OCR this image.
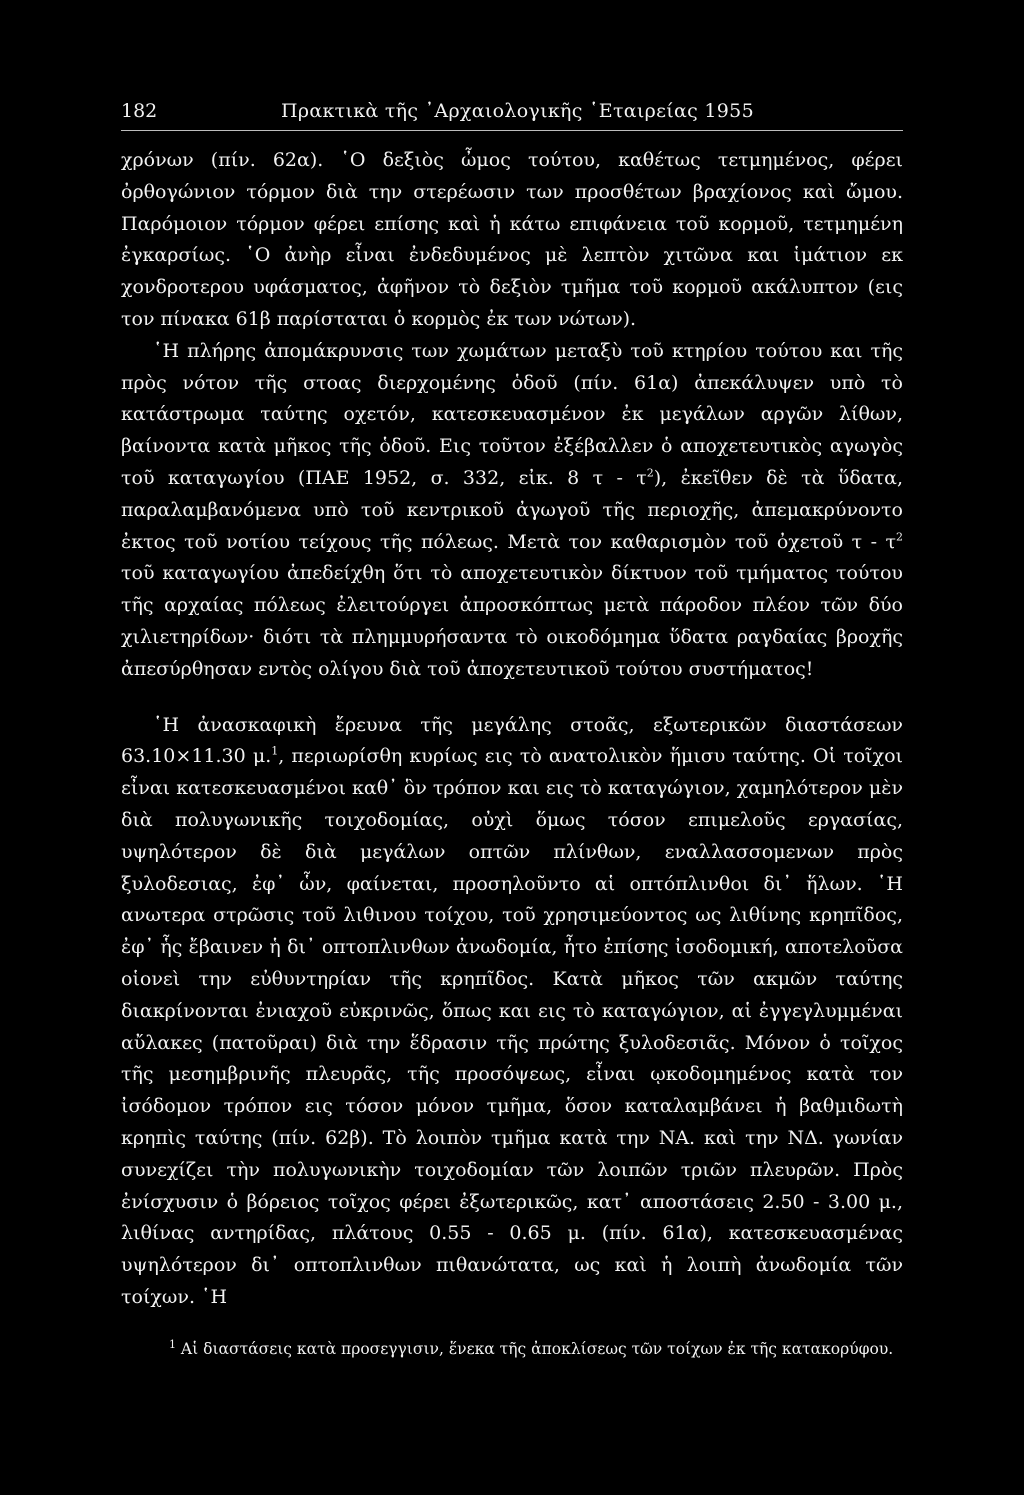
182	Πρακτικὰ τῆς ᾿Αρχαιολογικῆς ῾Εταιρείας 1955

χρόνων (πίν. 62α). ῾Ο δεξιὸς ὦμος τούτου, καθέτως τετμημένος, φέρει ὀρθογώνιον τόρμον διὰ την στερέωσιν των προσθέτων βραχίονος καὶ ὤμου. Παρόμοιον τόρμον φέρει επίσης καὶ ἡ κάτω επιφάνεια τοῦ κορμοῦ, τετμημένη ἐγκαρσίως. ῾Ο ἀνὴρ εἶναι ἐνδεδυμένος μὲ λεπτὸν χιτῶνα και ἱμάτιον εκ χονδροτερου υφάσματος, ἀφῆνον τὸ δεξιὸν τμῆμα τοῦ κορμοῦ ακάλυπτον (εις τον πίνακα 61β παρίσταται ὁ κορμὸς ἐκ των νώτων).

῾Η πλήρης ἀπομάκρυνσις των χωμάτων μεταξὺ τοῦ κτηρίου τούτου και τῆς πρὸς νότον τῆς στοας διερχομένης ὁδοῦ (πίν. 61α) ἀπεκάλυψεν υπὸ τὸ κατάστρωμα ταύτης οχετόν, κατεσκευασμένον ἐκ μεγάλων αργῶν λίθων, βαίνοντα κατὰ μῆκος τῆς ὁδοῦ. Εις τοῦτον ἐξέβαλλεν ὁ αποχετευτικὸς αγωγὸς τοῦ καταγωγίου (ΠΑΕ 1952, σ. 332, εἰκ. 8 τ - $\tau^2$), ἐκεῖθεν δὲ τὰ ὕδατα, παραλαμβανόμενα υπὸ τοῦ κεντρικοῦ ἀγωγοῦ τῆς περιοχῆς, ἀπεμακρύνοντο ἐκτος τοῦ νοτίου τείχους τῆς πόλεως. Μετὰ τον καθαρισμὸν τοῦ ὀχετοῦ τ - $\tau^2$ τοῦ καταγωγίου ἀπεδείχθη ὅτι τὸ αποχετευτικὸν δίκτυον τοῦ τμήματος τούτου τῆς αρχαίας πόλεως ἐλειτούργει ἀπροσκόπτως μετὰ πάροδον πλέον τῶν δύο χιλιετηρίδων· διότι τὰ πλημμυρήσαντα τὸ οικοδόμημα ὕδατα ραγδαίας βροχῆς ἀπεσύρθησαν εντὸς ολίγου διὰ τοῦ ἀποχετευτικοῦ τούτου συστήματος!

῾Η ἀνασκαφικὴ ἔρευνα τῆς μεγάλης στοᾶς, εξωτερικῶν διαστάσεων 63.10×11.30 μ.$^1$, περιωρίσθη κυρίως εις τὸ ανατολικὸν ἥμισυ ταύτης. Οἱ τοῖχοι εἶναι κατεσκευασμένοι καθ᾿ ὃν τρόπον και εις τὸ καταγώγιον, χαμηλότερον μὲν διὰ πολυγωνικῆς τοιχοδομίας, οὐχὶ ὅμως τόσον επιμελοῦς εργασίας, υψηλότερον δὲ διὰ μεγάλων οπτῶν πλίνθων, εναλλασσομενων πρὸς ξυλοδεσιας, ἐφ᾿ ὧν, φαίνεται, προσηλοῦντο αἱ οπτόπλινθοι δι᾿ ἥλων. ῾Η ανωτερα στρῶσις τοῦ λιθινου τοίχου, τοῦ χρησιμεύοντος ως λιθίνης κρηπῖδος, ἐφ᾿ ἧς ἔβαινεν ἡ δι᾿ οπτοπλινθων ἀνωδομία, ἦτο ἐπίσης ἰσοδομική, αποτελοῦσα οἱονεὶ την εὐθυντηρίαν τῆς κρηπῖδος. Κατὰ μῆκος τῶν ακμῶν ταύτης διακρίνονται ἐνιαχοῦ εὐκρινῶς, ὅπως και εις τὸ καταγώγιον, αἱ ἐγγεγλυμμέναι αὔλακες (πατοῦραι) διὰ την ἕδρασιν τῆς πρώτης ξυλοδεσιᾶς. Μόνον ὁ τοῖχος τῆς μεσημβρινῆς πλευρᾶς, τῆς προσόψεως, εἶναι ῳκοδομημένος κατὰ τον ἰσόδομον τρόπον εις τόσον μόνον τμῆμα, ὅσον καταλαμβάνει ἡ βαθμιδωτὴ κρηπὶς ταύτης (πίν. 62β). Τὸ λοιπὸν τμῆμα κατὰ την ΝΑ. καὶ την ΝΔ. γωνίαν συνεχίζει τὴν πολυγωνικὴν τοιχοδομίαν τῶν λοιπῶν τριῶν πλευρῶν. Πρὸς ἐνίσχυσιν ὁ βόρειος τοῖχος φέρει ἐξωτερικῶς, κατ᾿ αποστάσεις 2.50 - 3.00 μ., λιθίνας αντηρίδας, πλάτους 0.55 - 0.65 μ. (πίν. 61α), κατεσκευασμένας υψηλότερον δι᾿ οπτοπλινθων πιθανώτατα, ως καὶ ἡ λοιπὴ ἀνωδομία τῶν τοίχων. ῾Η

$^1$ Αἱ διαστάσεις κατὰ προσεγγισιν, ἕνεκα τῆς ἀποκλίσεως τῶν τοίχων ἐκ τῆς κατακορύφου.
